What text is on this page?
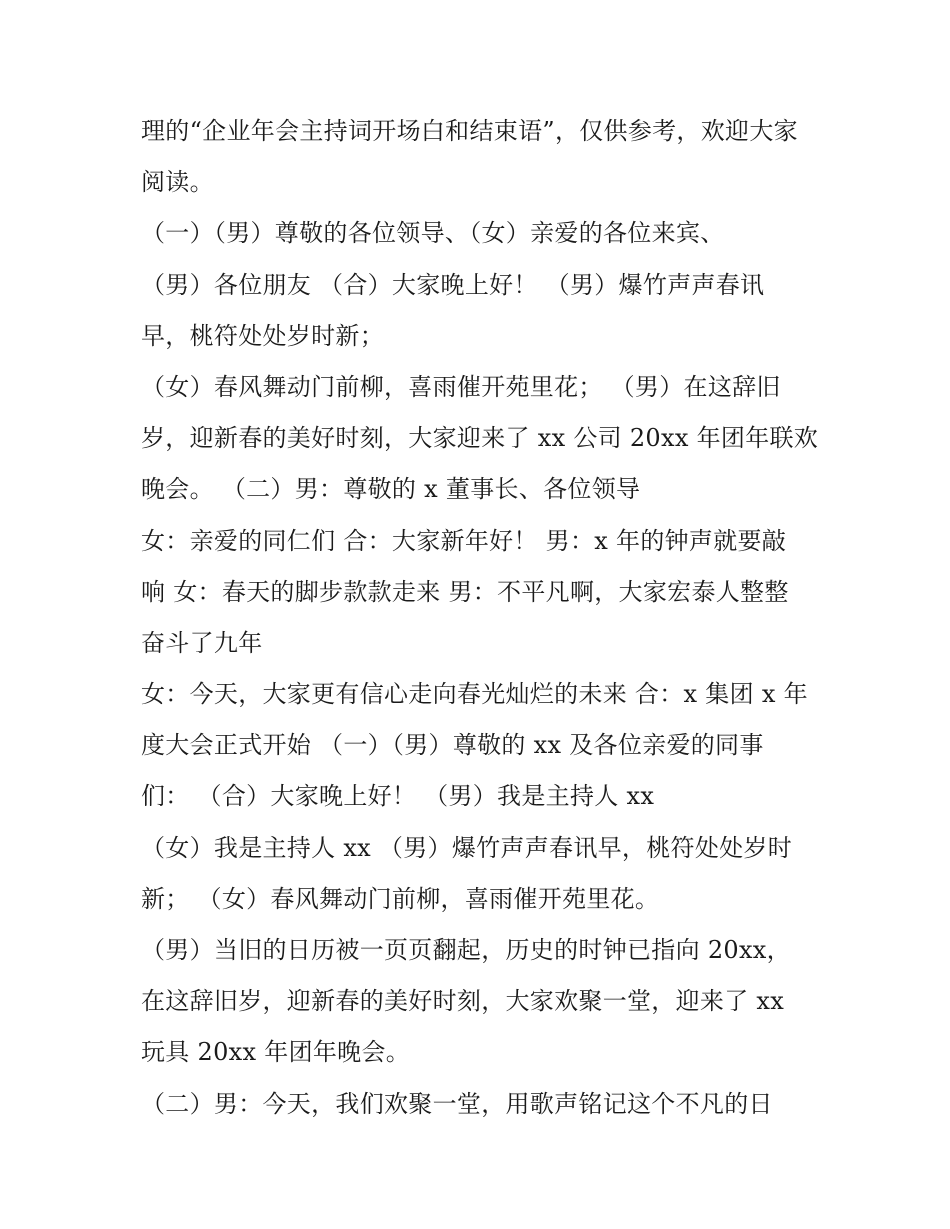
理的“企业年会主持词开场白和结束语”，仅供参考，欢迎大家
阅读。
（一）（男）尊敬的各位领导、（女）亲爱的各位来宾、
（男）各位朋友 （合）大家晚上好！ （男）爆竹声声春讯
早，桃符处处岁时新；
（女）春风舞动门前柳，喜雨催开苑里花； （男）在这辞旧
岁，迎新春的美好时刻，大家迎来了 xx 公司 20xx 年团年联欢
晚会。 （二）男：尊敬的 x 董事长、各位领导
女：亲爱的同仁们 合：大家新年好！ 男：x 年的钟声就要敲
响 女：春天的脚步款款走来 男：不平凡啊，大家宏泰人整整
奋斗了九年
女：今天，大家更有信心走向春光灿烂的未来 合：x 集团 x 年
度大会正式开始 （一）（男）尊敬的 xx 及各位亲爱的同事
们： （合）大家晚上好！ （男）我是主持人 xx
（女）我是主持人 xx （男）爆竹声声春讯早，桃符处处岁时
新； （女）春风舞动门前柳，喜雨催开苑里花。
（男）当旧的日历被一页页翻起，历史的时钟已指向 20xx，
在这辞旧岁，迎新春的美好时刻，大家欢聚一堂，迎来了 xx
玩具 20xx 年团年晚会。
（二）男：今天，我们欢聚一堂，用歌声铭记这个不凡的日
